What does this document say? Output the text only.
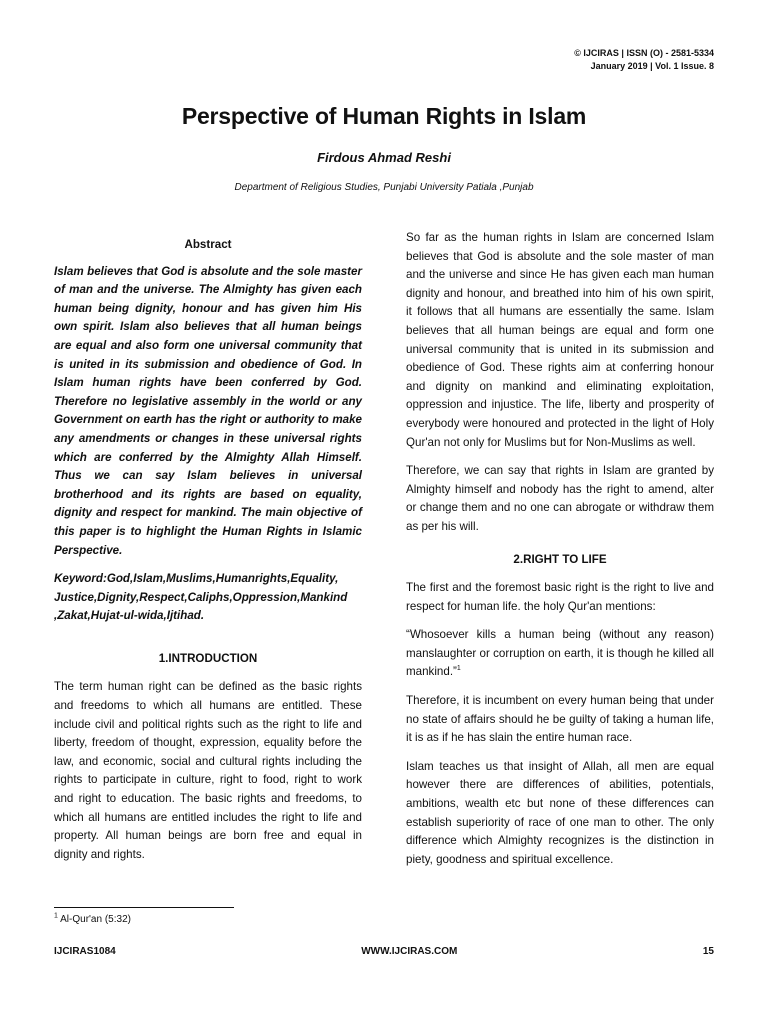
© IJCIRAS | ISSN (O) - 2581-5334
January 2019 | Vol. 1 Issue. 8
Perspective of Human Rights in Islam
Firdous Ahmad Reshi
Department of Religious Studies, Punjabi University Patiala ,Punjab
Abstract

Islam believes that God is absolute and the sole master of man and the universe. The Almighty has given each human being dignity, honour and has given him His own spirit. Islam also believes that all human beings are equal and also form one universal community that is united in its submission and obedience of God. In Islam human rights have been conferred by God. Therefore no legislative assembly in the world or any Government on earth has the right or authority to make any amendments or changes in these universal rights which are conferred by the Almighty Allah Himself. Thus we can say Islam believes in universal brotherhood and its rights are based on equality, dignity and respect for mankind. The main objective of this paper is to highlight the Human Rights in Islamic Perspective.

Keyword:God,Islam,Muslims,Humanrights,Equality, Justice,Dignity,Respect,Caliphs,Oppression,Mankind ,Zakat,Hujat-ul-wida,Ijtihad.

1.INTRODUCTION

The term human right can be defined as the basic rights and freedoms to which all humans are entitled. These include civil and political rights such as the right to life and liberty, freedom of thought, expression, equality before the law, and economic, social and cultural rights including the rights to participate in culture, right to food, right to work and right to education. The basic rights and freedoms, to which all humans are entitled includes the right to life and property. All human beings are born free and equal in dignity and rights.

So far as the human rights in Islam are concerned Islam believes that God is absolute and the sole master of man and the universe and since He has given each man human dignity and honour, and breathed into him of his own spirit, it follows that all humans are essentially the same. Islam believes that all human beings are equal and form one universal community that is united in its submission and obedience of God. These rights aim at conferring honour and dignity on mankind and eliminating exploitation, oppression and injustice. The life, liberty and prosperity of everybody were honoured and protected in the light of Holy Qur'an not only for Muslims but for Non-Muslims as well.

Therefore, we can say that rights in Islam are granted by Almighty himself and nobody has the right to amend, alter or change them and no one can abrogate or withdraw them as per his will.

2.RIGHT TO LIFE

The first and the foremost basic right is the right to live and respect for human life. the holy Qur'an mentions:

“Whosoever kills a human being (without any reason) manslaughter or corruption on earth, it is though he killed all mankind.”$^1$

Therefore, it is incumbent on every human being that under no state of affairs should he be guilty of taking a human life, it is as if he has slain the entire human race.

Islam teaches us that insight of Allah, all men are equal however there are differences of abilities, potentials, ambitions, wealth etc but none of these differences can establish superiority of race of one man to other. The only difference which Almighty recognizes is the distinction in piety, goodness and spiritual excellence.

$^1$ Al-Qur'an (5:32)
IJCIRAS1084	WWW.IJCIRAS.COM	15
